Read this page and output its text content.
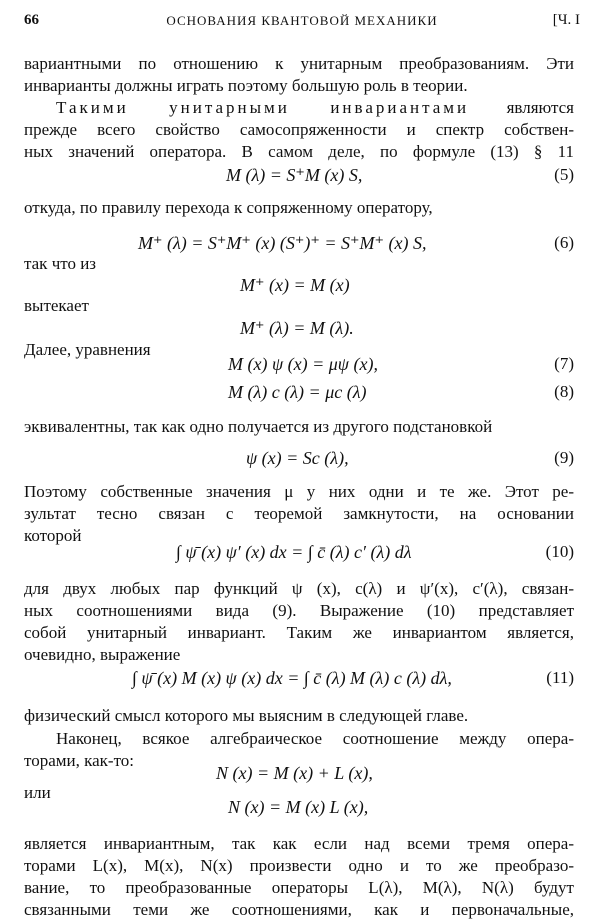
66	ОСНОВАНИЯ КВАНТОВОЙ МЕХАНИКИ	[Ч. I
вариантными по отношению к унитарным преобразованиям. Эти
инварианты должны играть поэтому большую роль в теории.
Такими унитарными инвариантами являются
прежде всего свойство самосопряженности и спектр собствен-
ных значений оператора. В самом деле, по формуле (13) § 11
M (λ) = S⁺M (x) S,	(5)
откуда, по правилу перехода к сопряженному оператору,
M⁺ (λ) = S⁺M⁺ (x) (S⁺)⁺ = S⁺M⁺ (x) S,	(6)
так что из
M⁺ (x) = M (x)
вытекает
M⁺ (λ) = M (λ).
Далее, уравнения
M (x) ψ (x) = μψ (x),	(7)
M (λ) c (λ) = μc (λ)	(8)
эквивалентны, так как одно получается из другого подстановкой
ψ (x) = Sc (λ),	(9)
Поэтому собственные значения μ у них одни и те же. Этот ре-
зультат тесно связан с теоремой замкнутости, на основании
которой
∫ ψ̄ (x) ψ′ (x) dx = ∫ c̄ (λ) c′ (λ) dλ	(10)
для двух любых пар функций ψ (x), c(λ) и ψ′(x), c′(λ), связан-
ных соотношениями вида (9). Выражение (10) представляет
собой унитарный инвариант. Таким же инвариантом является,
очевидно, выражение
∫ ψ̄ (x) M (x) ψ (x) dx = ∫ c̄ (λ) M (λ) c (λ) dλ,	(11)
физический смысл которого мы выясним в следующей главе.
Наконец, всякое алгебраическое соотношение между опера-
торами, как-то:
N (x) = M (x) + L (x),
или
N (x) = M (x) L (x),
является инвариантным, так как если над всеми тремя опера-
торами L(x), M(x), N(x) произвести одно и то же преобразо-
вание, то преобразованные операторы L(λ), M(λ), N(λ) будут
связанными теми же соотношениями, как и первоначальные,
